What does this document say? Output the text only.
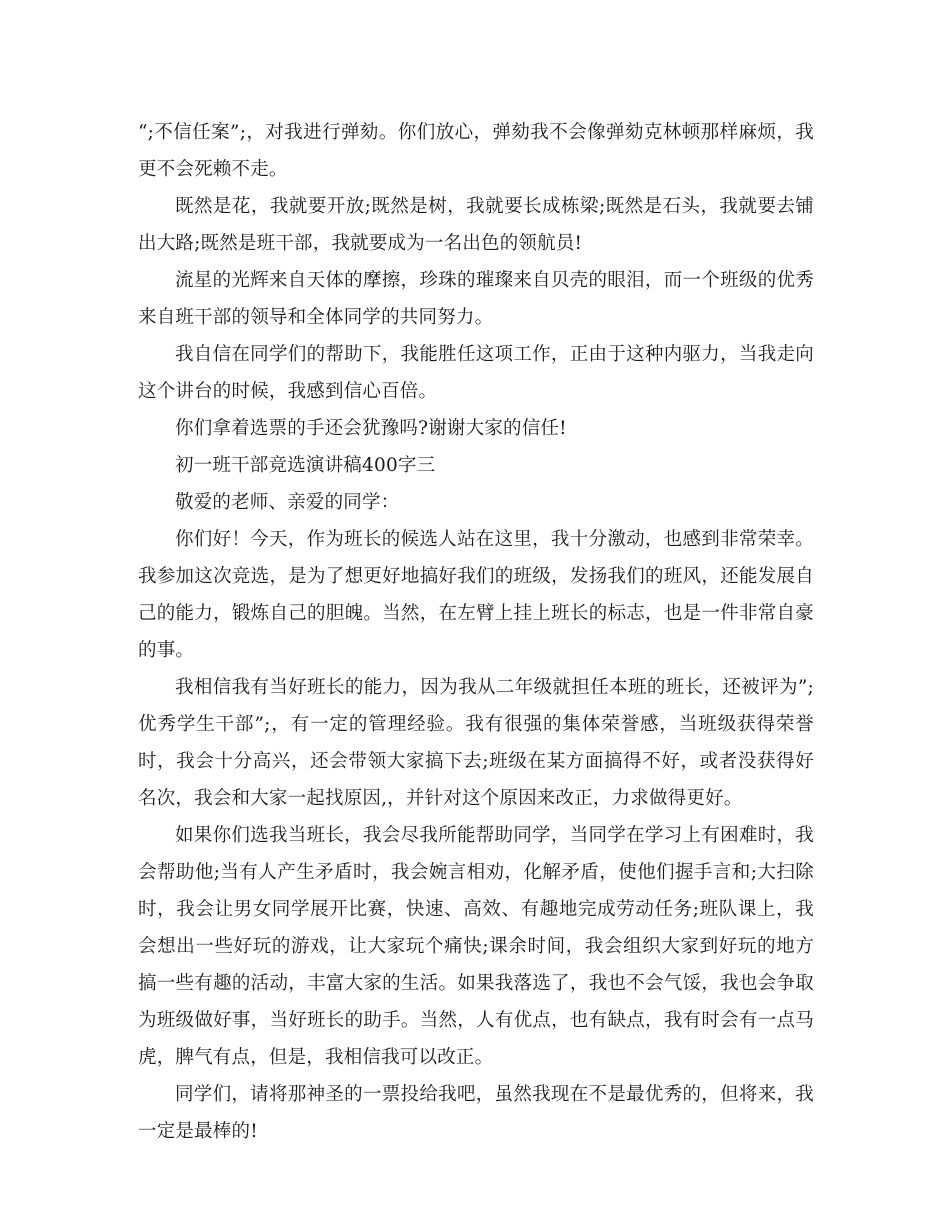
“;不信任案”;，对我进行弹劾。你们放心，弹劾我不会像弹劾克林顿那样麻烦，我更不会死赖不走。

既然是花，我就要开放;既然是树，我就要长成栋梁;既然是石头，我就要去铺出大路;既然是班干部，我就要成为一名出色的领航员!

流星的光辉来自天体的摩擦，珍珠的璀璨来自贝壳的眼泪，而一个班级的优秀来自班干部的领导和全体同学的共同努力。

我自信在同学们的帮助下，我能胜任这项工作，正由于这种内驱力，当我走向这个讲台的时候，我感到信心百倍。

你们拿着选票的手还会犹豫吗?谢谢大家的信任!

初一班干部竞选演讲稿400字三

敬爱的老师、亲爱的同学：

你们好！今天，作为班长的候选人站在这里，我十分激动，也感到非常荣幸。我参加这次竞选，是为了想更好地搞好我们的班级，发扬我们的班风，还能发展自己的能力，锻炼自己的胆魄。当然，在左臂上挂上班长的标志，也是一件非常自豪的事。

我相信我有当好班长的能力，因为我从二年级就担任本班的班长，还被评为”;优秀学生干部”;，有一定的管理经验。我有很强的集体荣誉感，当班级获得荣誉时，我会十分高兴，还会带领大家搞下去;班级在某方面搞得不好，或者没获得好名次，我会和大家一起找原因,，并针对这个原因来改正，力求做得更好。

如果你们选我当班长，我会尽我所能帮助同学，当同学在学习上有困难时，我会帮助他;当有人产生矛盾时，我会婉言相劝，化解矛盾，使他们握手言和;大扫除时，我会让男女同学展开比赛，快速、高效、有趣地完成劳动任务;班队课上，我会想出一些好玩的游戏，让大家玩个痛快;课余时间，我会组织大家到好玩的地方搞一些有趣的活动，丰富大家的生活。如果我落选了，我也不会气馁，我也会争取为班级做好事，当好班长的助手。当然，人有优点，也有缺点，我有时会有一点马虎，脾气有点，但是，我相信我可以改正。

同学们，请将那神圣的一票投给我吧，虽然我现在不是最优秀的，但将来，我一定是最棒的!
